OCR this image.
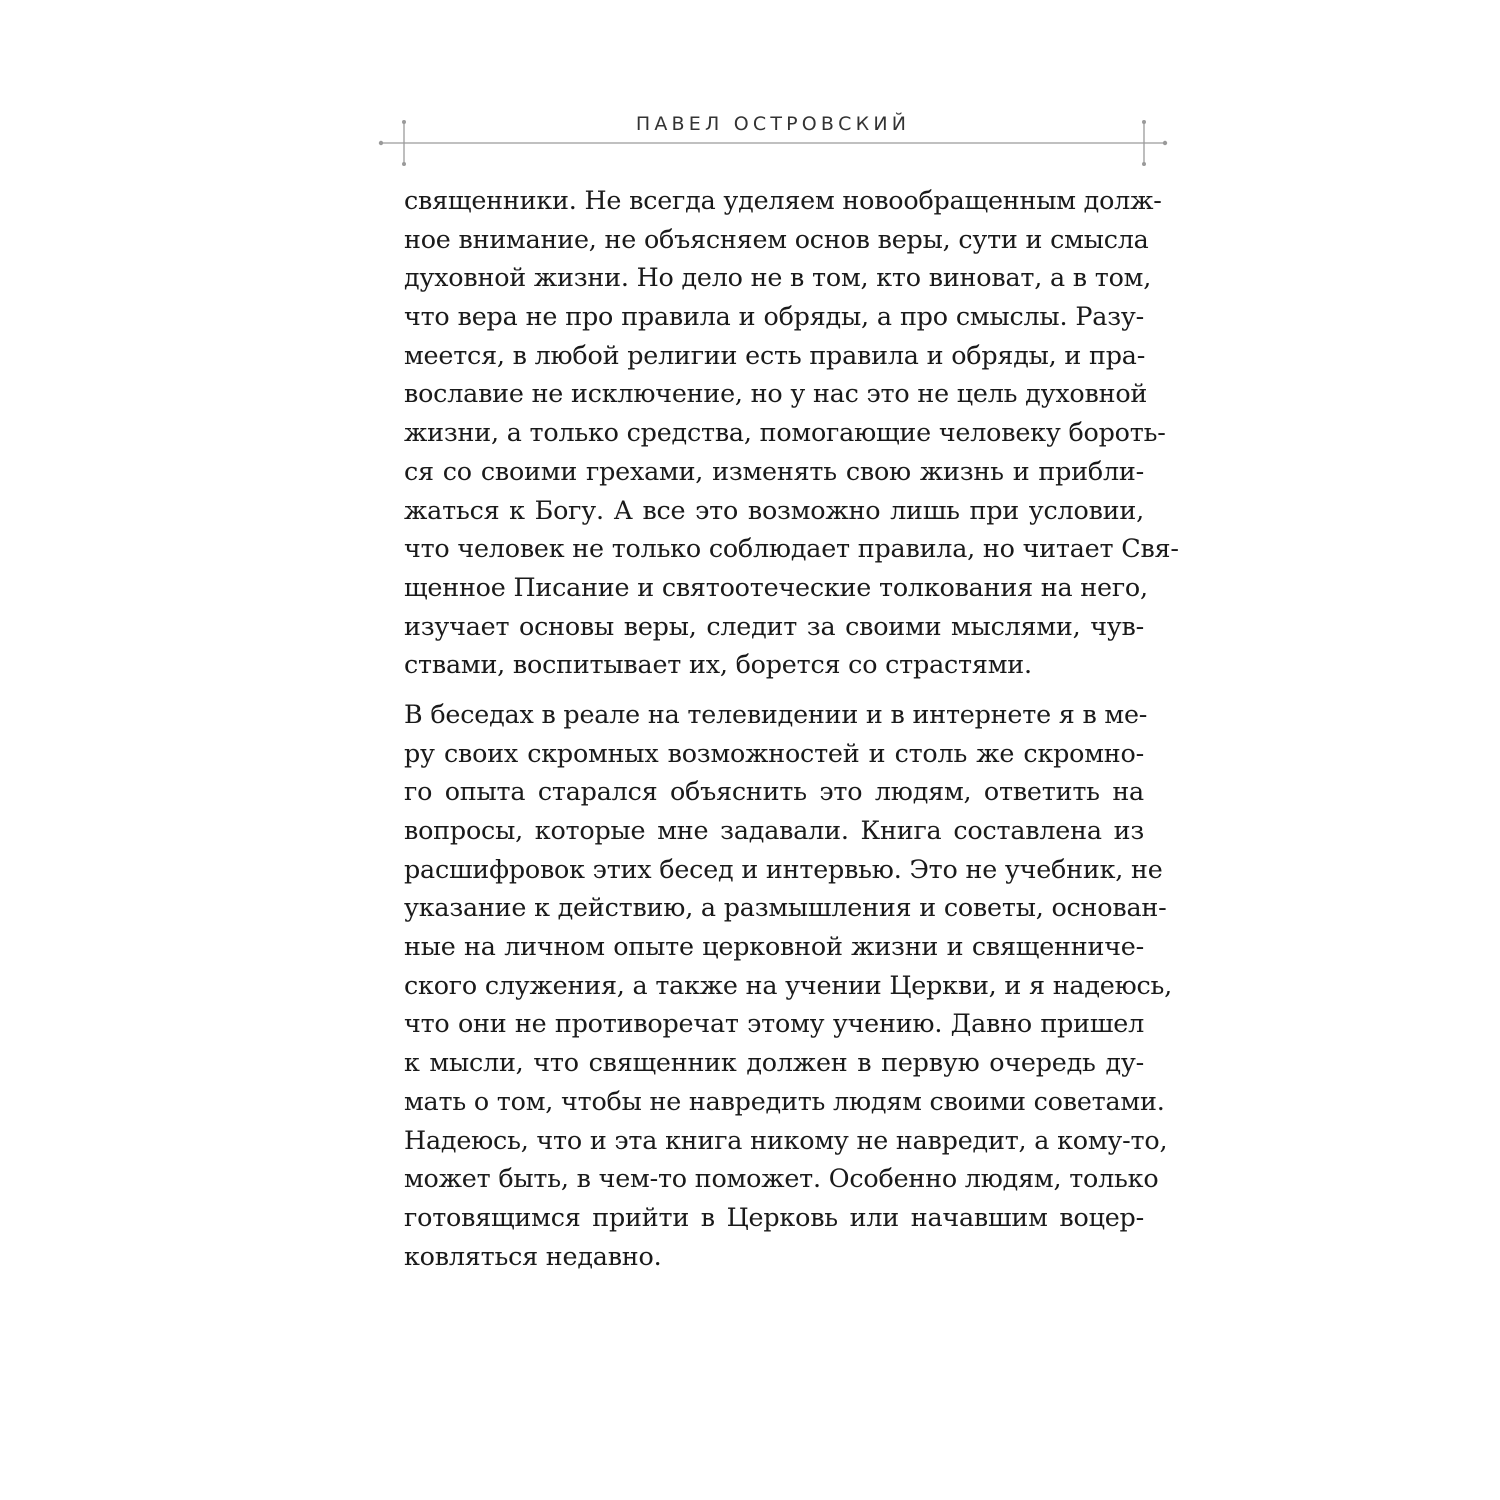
ПАВЕЛ ОСТРОВСКИЙ
священники. Не всегда уделяем новообращенным долж-
ное внимание, не объясняем основ веры, сути и смысла
духовной жизни. Но дело не в том, кто виноват, а в том,
что вера не про правила и обряды, а про смыслы. Разу-
меется, в любой религии есть правила и обряды, и пра-
вославие не исключение, но у нас это не цель духовной
жизни, а только средства, помогающие человеку бороть-
ся со своими грехами, изменять свою жизнь и прибли-
жаться к Богу. А все это возможно лишь при условии,
что человек не только соблюдает правила, но читает Свя-
щенное Писание и святоотеческие толкования на него,
изучает основы веры, следит за своими мыслями, чув-
ствами, воспитывает их, борется со страстями.
В беседах в реале на телевидении и в интернете я в ме-
ру своих скромных возможностей и столь же скромно-
го опыта старался объяснить это людям, ответить на
вопросы, которые мне задавали. Книга составлена из
расшифровок этих бесед и интервью. Это не учебник, не
указание к действию, а размышления и советы, основан-
ные на личном опыте церковной жизни и священниче-
ского служения, а также на учении Церкви, и я надеюсь,
что они не противоречат этому учению. Давно пришел
к мысли, что священник должен в первую очередь ду-
мать о том, чтобы не навредить людям своими советами.
Надеюсь, что и эта книга никому не навредит, а кому-то,
может быть, в чем-то поможет. Особенно людям, только
готовящимся прийти в Церковь или начавшим воцер-
ковляться недавно.
